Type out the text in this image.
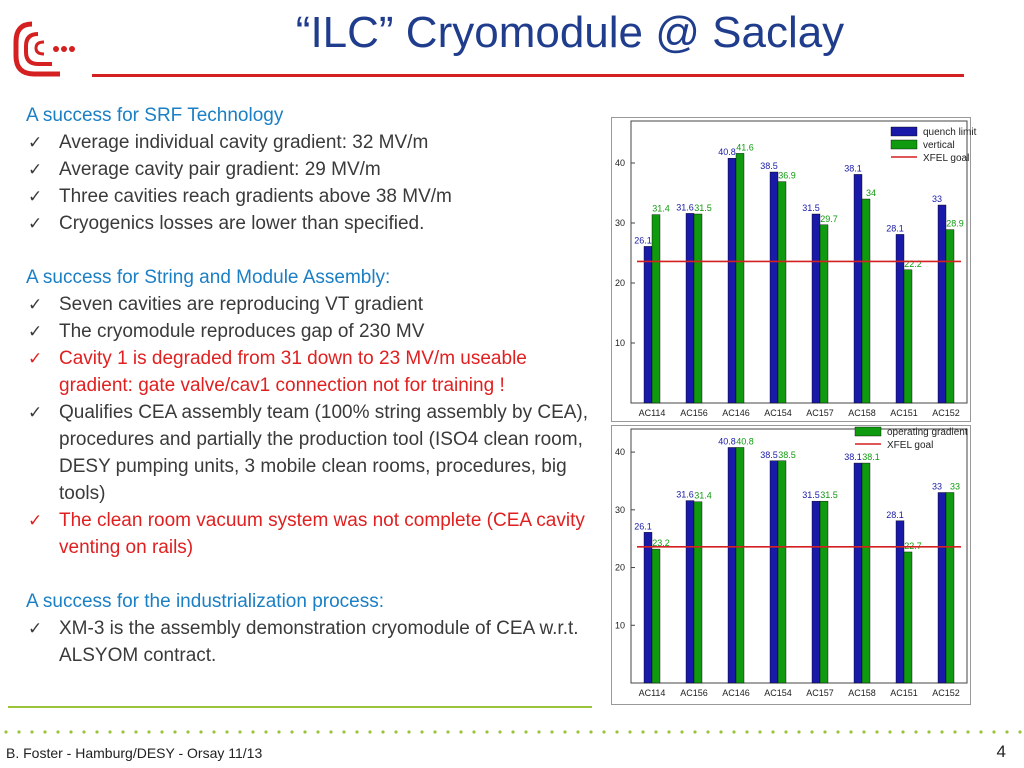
“ILC” Cryomodule @ Saclay
A success for SRF Technology
✓ Average individual cavity gradient: 32 MV/m
✓ Average cavity pair gradient: 29 MV/m
✓ Three cavities reach gradients above 38 MV/m
✓ Cryogenics losses are lower than specified.
A success for String and Module Assembly:
✓ Seven cavities are reproducing VT gradient
✓ The cryomodule reproduces gap of 230 MV
✓ Cavity 1 is degraded from 31 down to 23 MV/m useable gradient: gate valve/cav1 connection not for training !
✓ Qualifies CEA assembly team (100% string assembly by CEA), procedures and partially the production tool (ISO4 clean room, DESY pumping units, 3 mobile clean rooms, procedures, big tools)
✓ The clean room vacuum system was not complete (CEA cavity venting on rails)
A success for the industrialization process:
✓ XM-3 is the assembly demonstration cryomodule of CEA w.r.t. ALSYOM contract.
10
20
30
40
26.1
31.4
AC114
31.6 31.5
AC156
40.8 41.6
AC146
38.5
36.9
AC154
31.5
29.7
AC157
38.1
34
AC158
28.1
22.2
AC151
33
28.9
AC152
quench limit
vertical
XFEL goal
10
20
30
40
26.1
23.2
AC114
31.6 31.4
AC156
40.8 40.8
AC146
38.5 38.5
AC154
31.5 31.5
AC157
38.1 38.1
AC158
28.1
22.7
AC151
33 33
AC152
operating gradient
XFEL goal
B. Foster - Hamburg/DESY - Orsay 11/13	4
